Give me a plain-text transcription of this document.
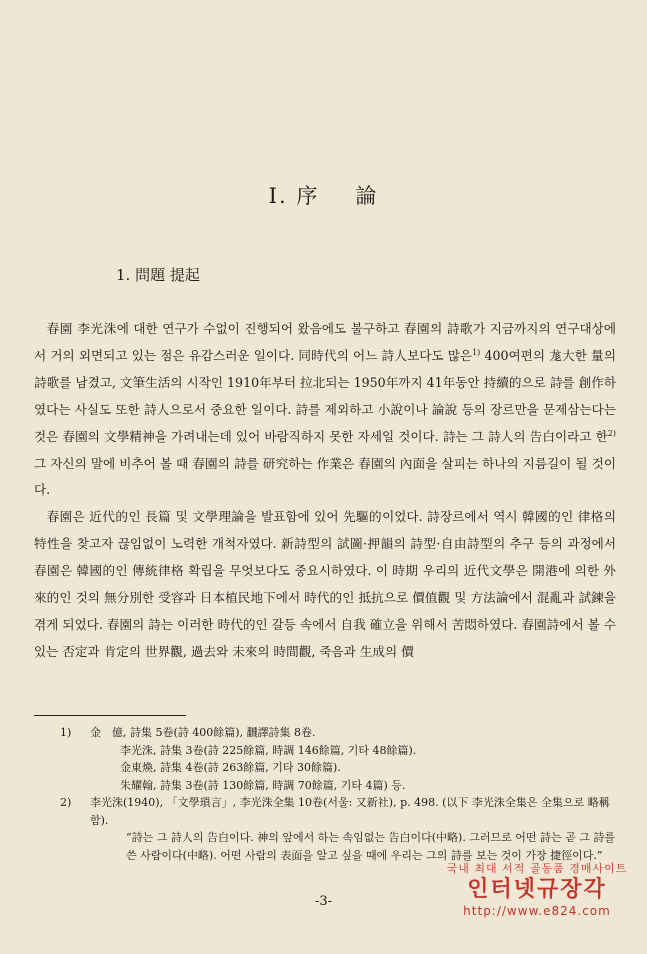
I. 序 論
1. 問題 提起

春園 李光洙에 대한 연구가 수없이 진행되어 왔음에도 불구하고 春園의 詩歌가 지금까지의 연구대상에서 거의 외면되고 있는 점은 유감스러운 일이다. 同時代의 어느 詩人보다도 많은$^{1)}$ 400여편의 尨大한 量의 詩歌를 남겼고, 文筆生活의 시작인 1910年부터 拉北되는 1950年까지 41年동안 持續的으로 詩를 創作하였다는 사실도 또한 詩人으로서 중요한 일이다. 詩를 제외하고 小說이나 論說 등의 장르만을 문제삼는다는 것은 春園의 文學精神을 가려내는데 있어 바람직하지 못한 자세일 것이다. 詩는 그 詩人의 告白이라고 한$^{2)}$ 그 자신의 말에 비추어 볼 때 春園의 詩를 研究하는 作業은 春園의 內面을 살피는 하나의 지름길이 될 것이다.

春園은 近代的인 長篇 및 文學理論을 발표함에 있어 先驅的이었다. 詩장르에서 역시 韓國的인 律格의 特性을 찾고자 끊임없이 노력한 개척자였다. 新詩型의 試圖·押韻의 詩型·自由詩型의 추구 등의 과정에서 春園은 韓國的인 傳統律格 확립을 무엇보다도 중요시하였다. 이 時期 우리의 近代文學은 開港에 의한 外來的인 것의 無分別한 受容과 日本植民地下에서 時代的인 抵抗으로 價值觀 및 方法論에서 混亂과 試鍊을 겪게 되었다. 春園의 詩는 이러한 時代的인 갈등 속에서 自我 確立을 위해서 苦悶하였다. 春園詩에서 볼 수 있는 否定과 肯定의 世界觀, 過去와 未來의 時間觀, 죽음과 生成의 價

1)	金　億, 詩集 5卷(詩 400餘篇), 飜譯詩集 8卷.
李光洙, 詩集 3卷(詩 225餘篇, 時調 146餘篇, 기타 48餘篇).
金東煥, 詩集 4卷(詩 263餘篇, 기타 30餘篇).
朱耀翰, 詩集 3卷(詩 130餘篇, 時調 70餘篇, 기타 4篇) 등.
2)	李光洙(1940), 「文學瑣言」, 李光洙全集 10卷(서울: 又新社), p. 498. (以下 李光洙全集은 全集으로 略稱함).
“詩는 그 詩人의 告白이다. 神의 앞에서 하는 속임없는 告白이다(中略). 그러므로 어떤 詩는 곧 그 詩를 쓴 사람이다(中略). 어떤 사람의 表面을 알고 싶을 때에 우리는 그의 詩를 보는 것이 가장 捷徑이다.”
-3-
국내 최대 서적 골동품 경매사이트
인터넷규장각
http://www.e824.com
